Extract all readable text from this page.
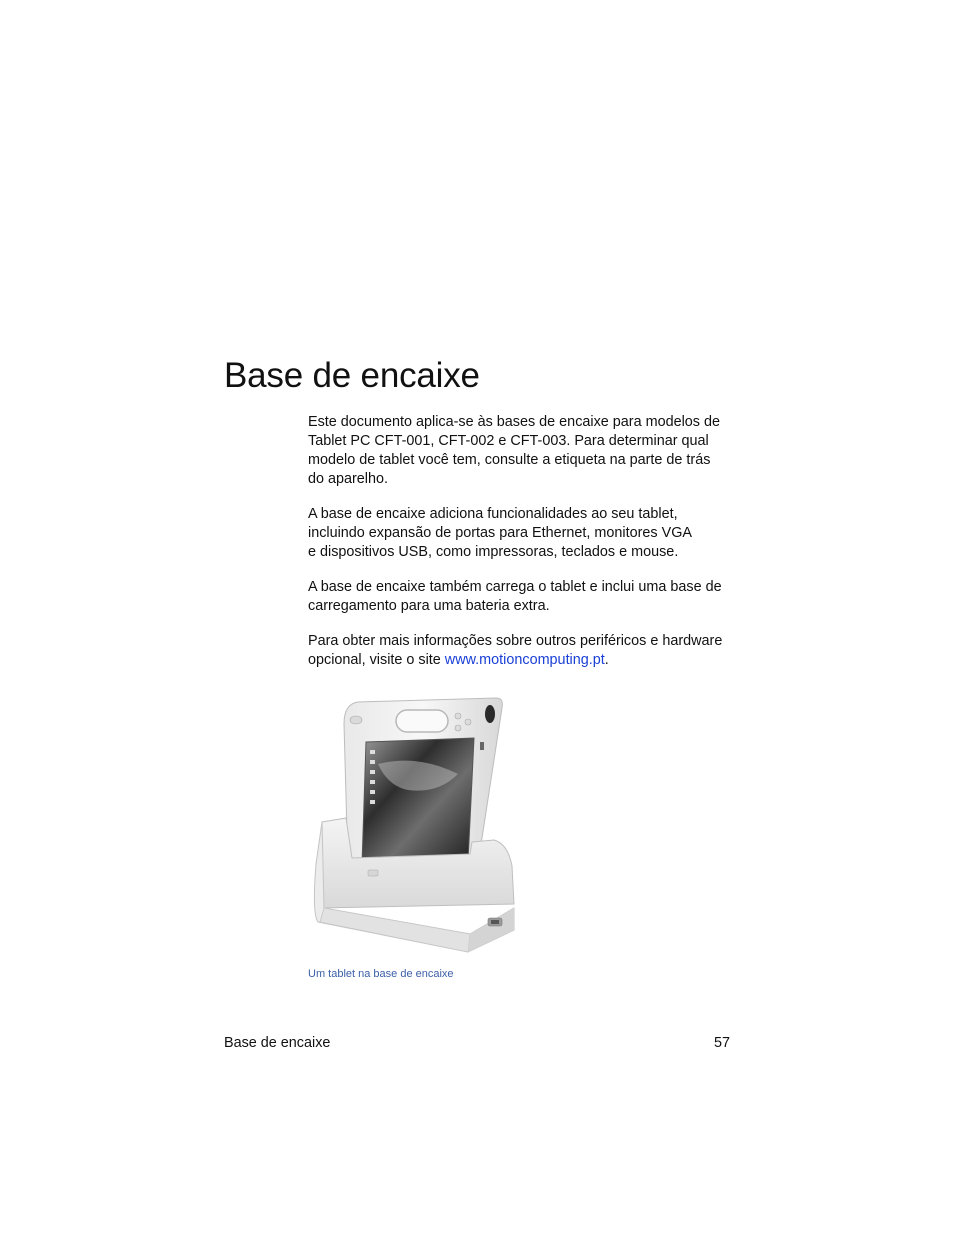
Base de encaixe

Este documento aplica-se às bases de encaixe para modelos de
Tablet PC CFT-001, CFT-002 e CFT-003. Para determinar qual
modelo de tablet você tem, consulte a etiqueta na parte de trás
do aparelho.

A base de encaixe adiciona funcionalidades ao seu tablet,
incluindo expansão de portas para Ethernet, monitores VGA
e dispositivos USB, como impressoras, teclados e mouse.

A base de encaixe também carrega o tablet e inclui uma base de
carregamento para uma bateria extra.

Para obter mais informações sobre outros periféricos e hardware
opcional, visite o site www.motioncomputing.pt.

Um tablet na base de encaixe
Base de encaixe	57
